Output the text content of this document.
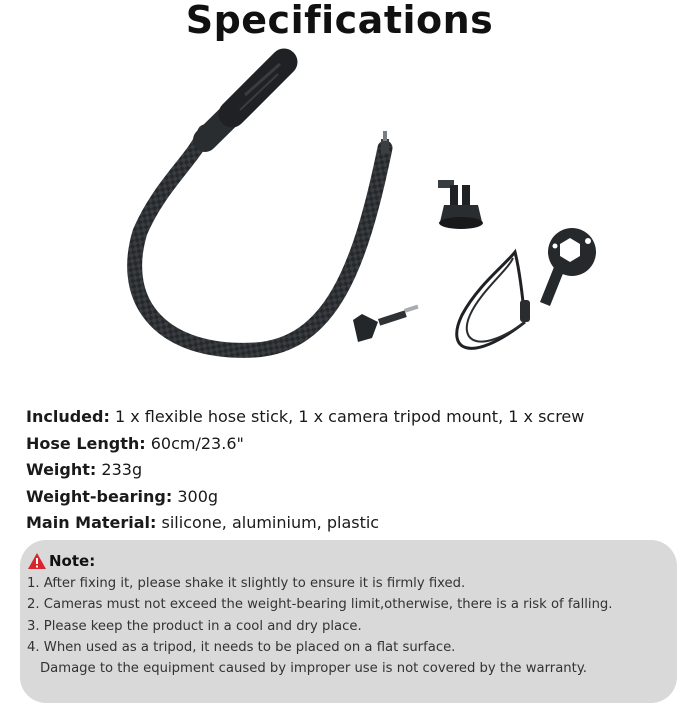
Specifications
Included: 1 x flexible hose stick, 1 x camera tripod mount, 1 x screw
Hose Length: 60cm/23.6"
Weight: 233g
Weight-bearing: 300g
Main Material: silicone, aluminium, plastic
Note:
1. After fixing it, please shake it slightly to ensure it is firmly fixed.
2. Cameras must not exceed the weight-bearing limit,otherwise, there is a risk of falling.
3. Please keep the product in a cool and dry place.
4. When used as a tripod, it needs to be placed on a flat surface.
Damage to the equipment caused by improper use is not covered by the warranty.
